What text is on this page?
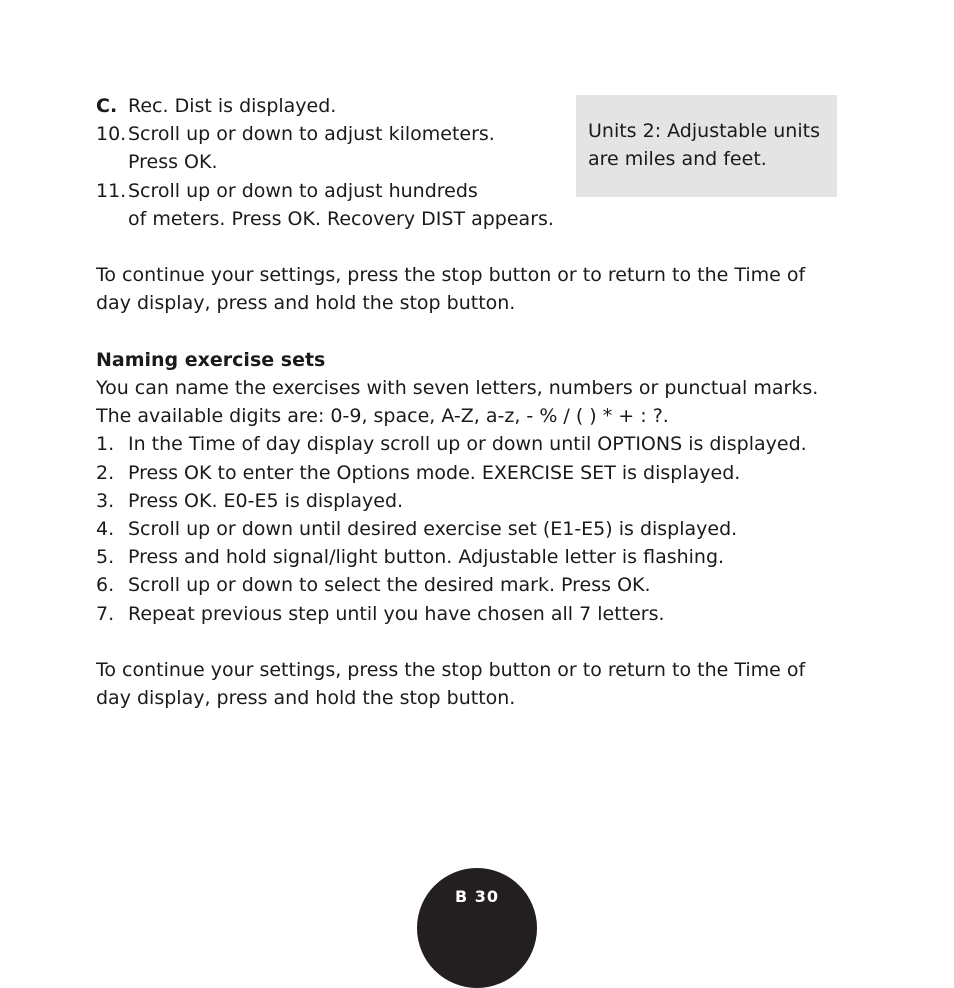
C. Rec. Dist is displayed.
10. Scroll up or down to adjust kilometers.
Press OK.
11. Scroll up or down to adjust hundreds
of meters. Press OK. Recovery DIST appears.
Units 2: Adjustable units
are miles and feet.
To continue your settings, press the stop button or to return to the Time of
day display, press and hold the stop button.
Naming exercise sets
You can name the exercises with seven letters, numbers or punctual marks.
The available digits are: 0-9, space, A-Z, a-z, - % / ( ) * + : ?.
1. In the Time of day display scroll up or down until OPTIONS is displayed.
2. Press OK to enter the Options mode. EXERCISE SET is displayed.
3. Press OK. E0-E5 is displayed.
4. Scroll up or down until desired exercise set (E1-E5) is displayed.
5. Press and hold signal/light button. Adjustable letter is flashing.
6. Scroll up or down to select the desired mark. Press OK.
7. Repeat previous step until you have chosen all 7 letters.
To continue your settings, press the stop button or to return to the Time of
day display, press and hold the stop button.
B 30
